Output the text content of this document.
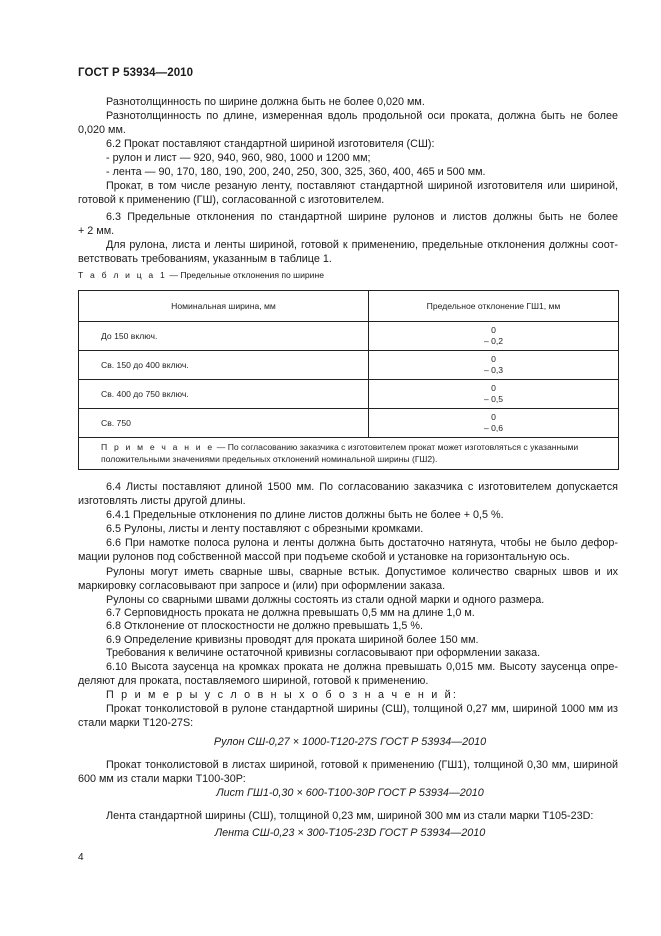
ГОСТ Р 53934—2010
Разнотолщинность по ширине должна быть не более 0,020 мм.
Разнотолщинность по длине, измеренная вдоль продольной оси проката, должна быть не более
0,020 мм.
6.2 Прокат поставляют стандартной шириной изготовителя (СШ):
- рулон и лист — 920, 940, 960, 980, 1000 и 1200 мм;
- лента — 90, 170, 180, 190, 200, 240, 250, 300, 325, 360, 400, 465 и 500 мм.
Прокат, в том числе резаную ленту, поставляют стандартной шириной изготовителя или шириной,
готовой к применению (ГШ), согласованной с изготовителем.
6.3 Предельные отклонения по стандартной ширине рулонов и листов должны быть не более
+ 2 мм.
Для рулона, листа и ленты шириной, готовой к применению, предельные отклонения должны соот-
ветствовать требованиям, указанным в таблице 1.
Т а б л и ц а 1 — Предельные отклонения по ширине
Номинальная ширина, мм	Предельное отклонение ГШ1, мм
До 150 включ.	0
– 0,2

Св. 150 до 400 включ.	0
– 0,3

Св. 400 до 750 включ.	0
– 0,5

Св. 750	0
– 0,6

П р и м е ч а н и е — По согласованию заказчика с изготовителем прокат может изготовляться с указанными
положительными значениями предельных отклонений номинальной ширины (ГШ2).	
6.4 Листы поставляют длиной 1500 мм. По согласованию заказчика с изготовителем допускается
изготовлять листы другой длины.
6.4.1 Предельные отклонения по длине листов должны быть не более + 0,5 %.
6.5 Рулоны, листы и ленту поставляют с обрезными кромками.
6.6 При намотке полоса рулона и ленты должна быть достаточно натянута, чтобы не было дефор-
мации рулонов под собственной массой при подъеме скобой и установке на горизонтальную ось.
Рулоны могут иметь сварные швы, сварные встык. Допустимое количество сварных швов и их
маркировку согласовывают при запросе и (или) при оформлении заказа.
Рулоны со сварными швами должны состоять из стали одной марки и одного размера.
6.7 Серповидность проката не должна превышать 0,5 мм на длине 1,0 м.
6.8 Отклонение от плоскостности не должно превышать 1,5 %.
6.9 Определение кривизны проводят для проката шириной более 150 мм.
Требования к величине остаточной кривизны согласовывают при оформлении заказа.
6.10 Высота заусенца на кромках проката не должна превышать 0,015 мм. Высоту заусенца опре-
деляют для проката, поставляемого шириной, готовой к применению.
П р и м е р ы у с л о в н ы х о б о з н а ч е н и й:
Прокат тонколистовой в рулоне стандартной ширины (СШ), толщиной 0,27 мм, шириной 1000 мм из
стали марки Т120-27S:
Рулон СШ-0,27 × 1000-Т120-27S ГОСТ Р 53934—2010
Прокат тонколистовой в листах шириной, готовой к применению (ГШ1), толщиной 0,30 мм, шириной
600 мм из стали марки Т100-30Р:
Лист ГШ1-0,30 × 600-Т100-30Р ГОСТ Р 53934—2010
Лента стандартной ширины (СШ), толщиной 0,23 мм, шириной 300 мм из стали марки Т105-23D:
Лента СШ-0,23 × 300-Т105-23D ГОСТ Р 53934—2010
4
